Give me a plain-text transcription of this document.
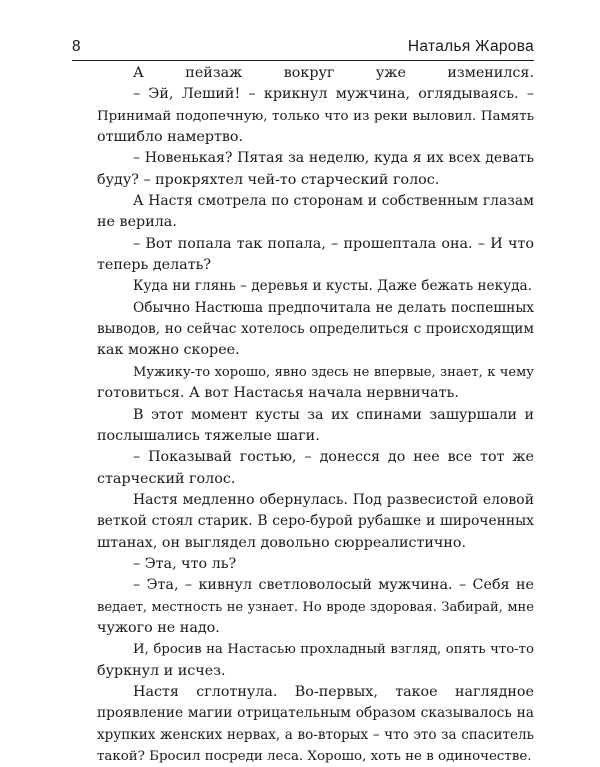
8	Наталья Жарова
А пейзаж вокруг уже изменился.
– Эй, Леший! – крикнул мужчина, оглядываясь. –
Принимай подопечную, только что из реки выловил. Память
отшибло намертво.
– Новенькая? Пятая за неделю, куда я их всех девать
буду? – прокряхтел чей-то старческий голос.
А Настя смотрела по сторонам и собственным глазам
не верила.
– Вот попала так попала, – прошептала она. – И что
теперь делать?
Куда ни глянь – деревья и кусты. Даже бежать некуда.
Обычно Настюша предпочитала не делать поспешных
выводов, но сейчас хотелось определиться с происходящим
как можно скорее.
Мужику-то хорошо, явно здесь не впервые, знает, к чему
готовиться. А вот Настасья начала нервничать.
В этот момент кусты за их спинами зашуршали и
послышались тяжелые шаги.
– Показывай гостью, – донесся до нее все тот же
старческий голос.
Настя медленно обернулась. Под развесистой еловой
веткой стоял старик. В серо-бурой рубашке и широченных
штанах, он выглядел довольно сюрреалистично.
– Эта, что ль?
– Эта, – кивнул светловолосый мужчина. – Себя не
ведает, местность не узнает. Но вроде здоровая. Забирай, мне
чужого не надо.
И, бросив на Настасью прохладный взгляд, опять что-то
буркнул и исчез.
Настя сглотнула. Во-первых, такое наглядное
проявление магии отрицательным образом сказывалось на
хрупких женских нервах, а во-вторых – что это за спаситель
такой? Бросил посреди леса. Хорошо, хоть не в одиночестве.
